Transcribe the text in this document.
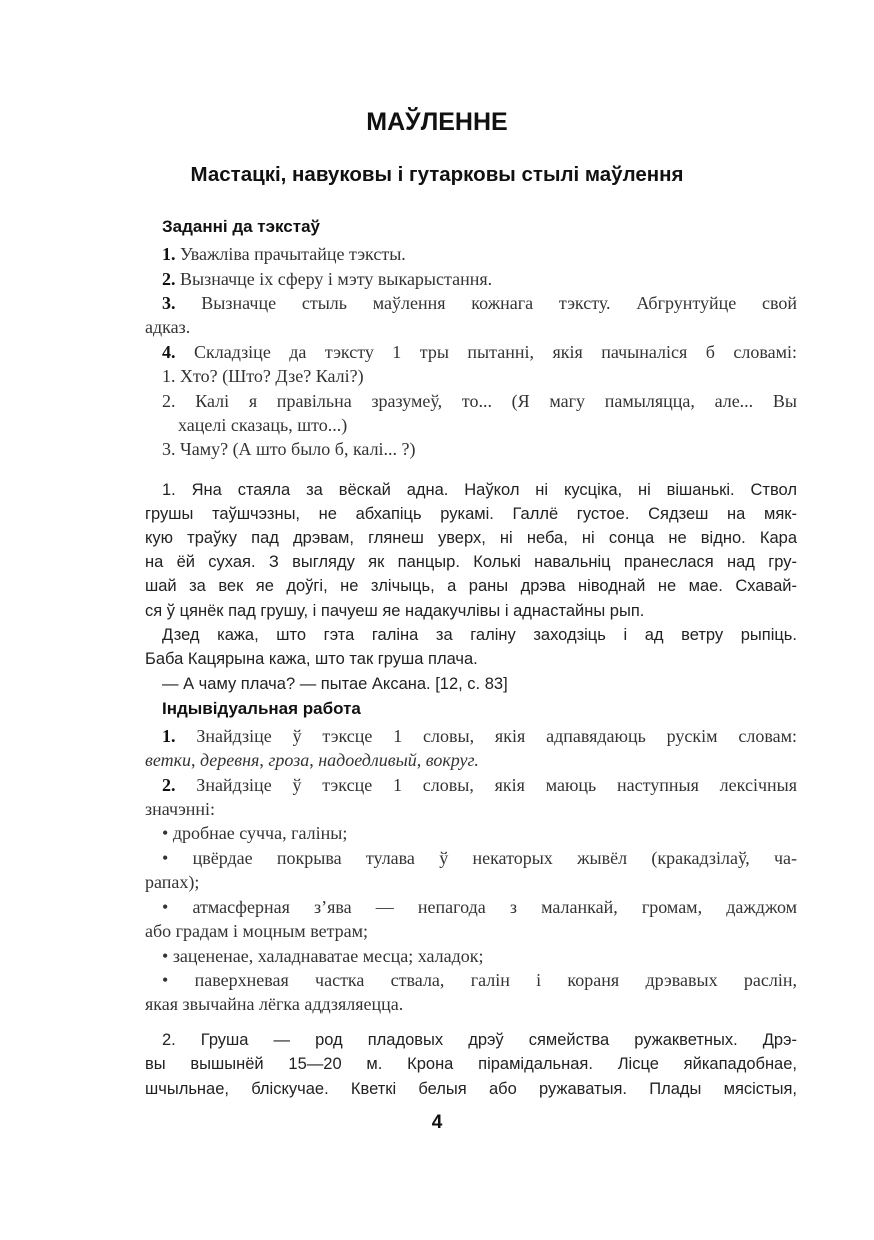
МАЎЛЕННЕ
Мастацкі, навуковы і гутарковы стылі маўлення
Заданні да тэкстаў
1. Уважліва прачытайце тэксты.
2. Вызначце іх сферу і мэту выкарыстання.
3. Вызначце стыль маўлення кожнага тэксту. Абгрунтуйце свой
адказ.
4. Складзіце да тэксту 1 тры пытанні, якія пачыналіся б словамі:
1. Хто? (Што? Дзе? Калі?)
2. Калі я правільна зразумеў, то... (Я магу памыляцца, але... Вы
хацелі сказаць, што...)
3. Чаму? (А што было б, калі... ?)
1. Яна стаяла за вёскай адна. Наўкол ні кусціка, ні вішанькі. Ствол
грушы таўшчэзны, не абхапіць рукамі. Галлё густое. Сядзеш на мяк-
кую траўку пад дрэвам, глянеш уверх, ні неба, ні сонца не відно. Кара
на ёй сухая. З выгляду як панцыр. Колькі навальніц пранеслася над гру-
шай за век яе доўгі, не злічыць, а раны дрэва ніводнай не мае. Схавай-
ся ў цянёк пад грушу, і пачуеш яе надакучлівы і аднастайны рып.
Дзед кажа, што гэта галіна за галіну заходзіць і ад ветру рыпіць.
Баба Кацярына кажа, што так груша плача.
— А чаму плача? — пытае Аксана. [12, с. 83]
Індывідуальная работа
1. Знайдзіце ў тэксце 1 словы, якія адпавядаюць рускім словам:
ветки, деревня, гроза, надоедливый, вокруг.
2. Знайдзіце ў тэксце 1 словы, якія маюць наступныя лексічныя
значэнні:
• дробнае сучча, галіны;
• цвёрдае покрыва тулава ў некаторых жывёл (кракадзілаў, ча-
рапах);
• атмасферная з’ява — непагода з маланкай, громам, дажджом
або градам і моцным ветрам;
• зацененае, халаднаватае месца; халадок;
• паверхневая частка ствала, галін і кораня дрэвавых раслін,
якая звычайна лёгка аддзяляецца.
2. Груша — род пладовых дрэў сямейства ружакветных. Дрэ-
вы вышынёй 15—20 м. Крона пірамідальная. Лісце яйкападобнае,
шчыльнае, бліскучае. Кветкі белыя або ружаватыя. Плады мясістыя,
4
